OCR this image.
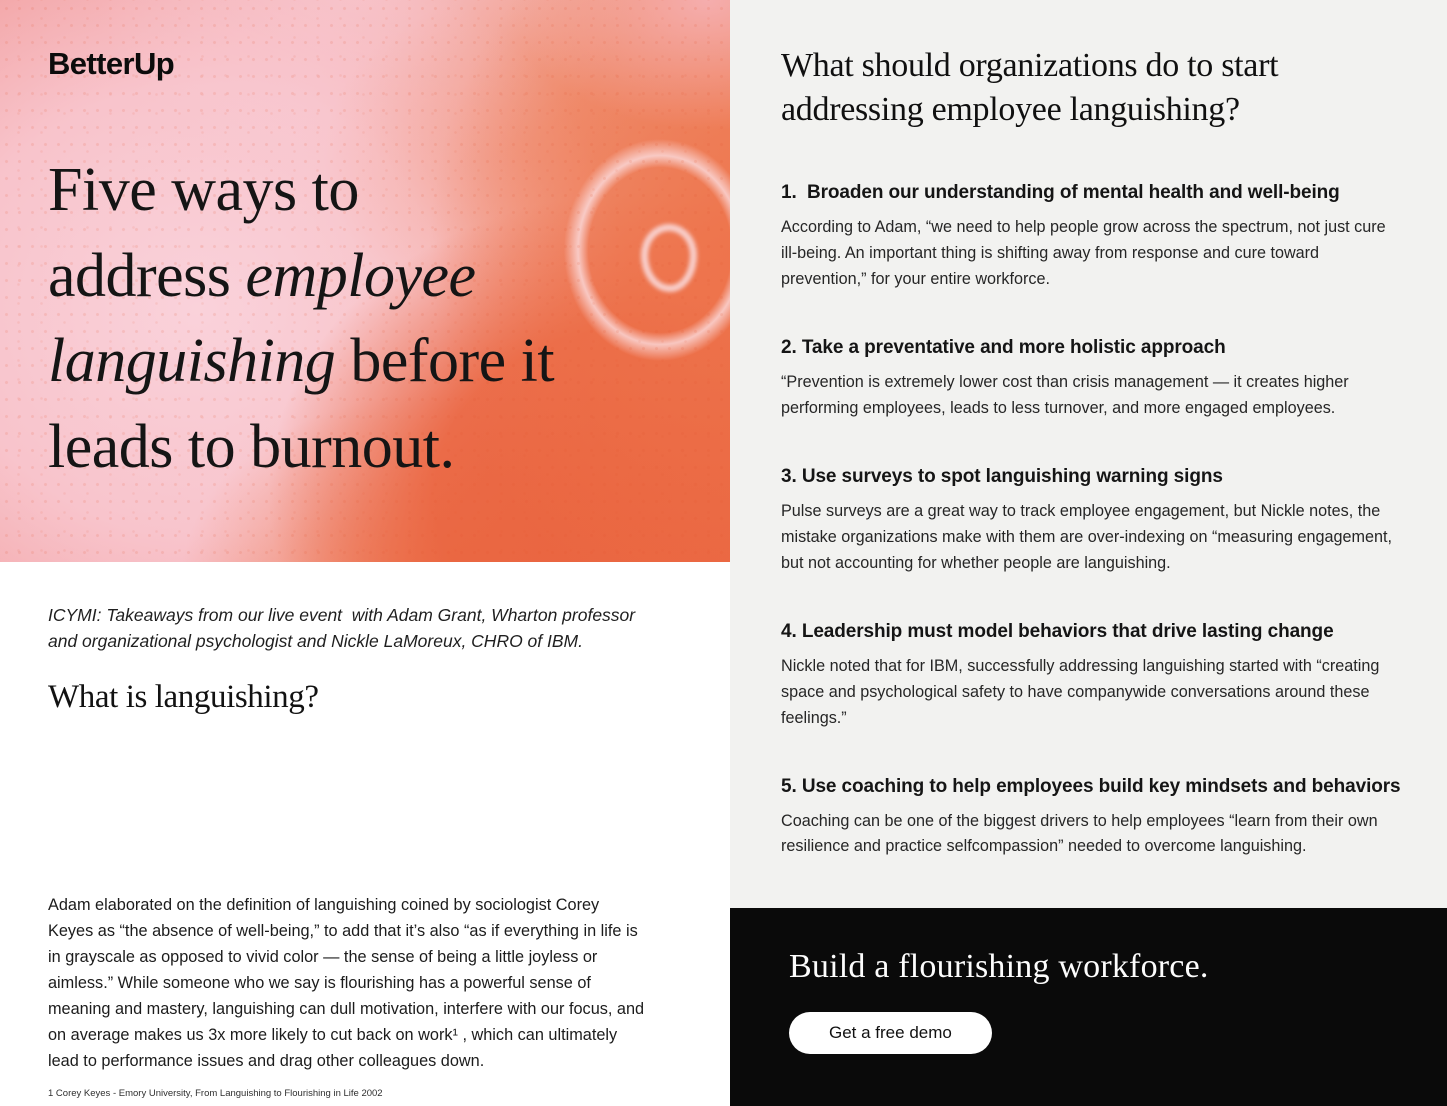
BetterUp
Five ways to
address employee
languishing before it
leads to burnout.

ICYMI: Takeaways from our live event  with Adam Grant, Wharton professor and organizational psychologist and Nickle LaMoreux, CHRO of IBM.

What is languishing?

Adam elaborated on the definition of languishing coined by sociologist Corey Keyes as “the absence of well-being,” to add that it’s also “as if everything in life is in grayscale as opposed to vivid color — the sense of being a little joyless or aimless.” While someone who we say is flourishing has a powerful sense of meaning and mastery, languishing can dull motivation, interfere with our focus, and on average makes us 3x more likely to cut back on work¹ , which can ultimately lead to performance issues and drag other colleagues down.

1 Corey Keyes - Emory University, From Languishing to Flourishing in Life 2002

What should organizations do to start addressing employee languishing?
1.  Broaden our understanding of mental health and well-being

According to Adam, “we need to help people grow across the spectrum, not just cure ill-being. An important thing is shifting away from response and cure toward prevention,” for your entire workforce.

2. Take a preventative and more holistic approach

“Prevention is extremely lower cost than crisis management — it creates higher performing employees, leads to less turnover, and more engaged employees.

3. Use surveys to spot languishing warning signs

Pulse surveys are a great way to track employee engagement, but Nickle notes, the mistake organizations make with them are over-indexing on “measuring engagement, but not accounting for whether people are languishing.

4. Leadership must model behaviors that drive lasting change

Nickle noted that for IBM, successfully addressing languishing started with “creating space and psychological safety to have companywide conversations around these feelings.”

5. Use coaching to help employees build key mindsets and behaviors

Coaching can be one of the biggest drivers to help employees “learn from their own resilience and practice selfcompassion” needed to overcome languishing.

Build a flourishing workforce.
Get a free demo
